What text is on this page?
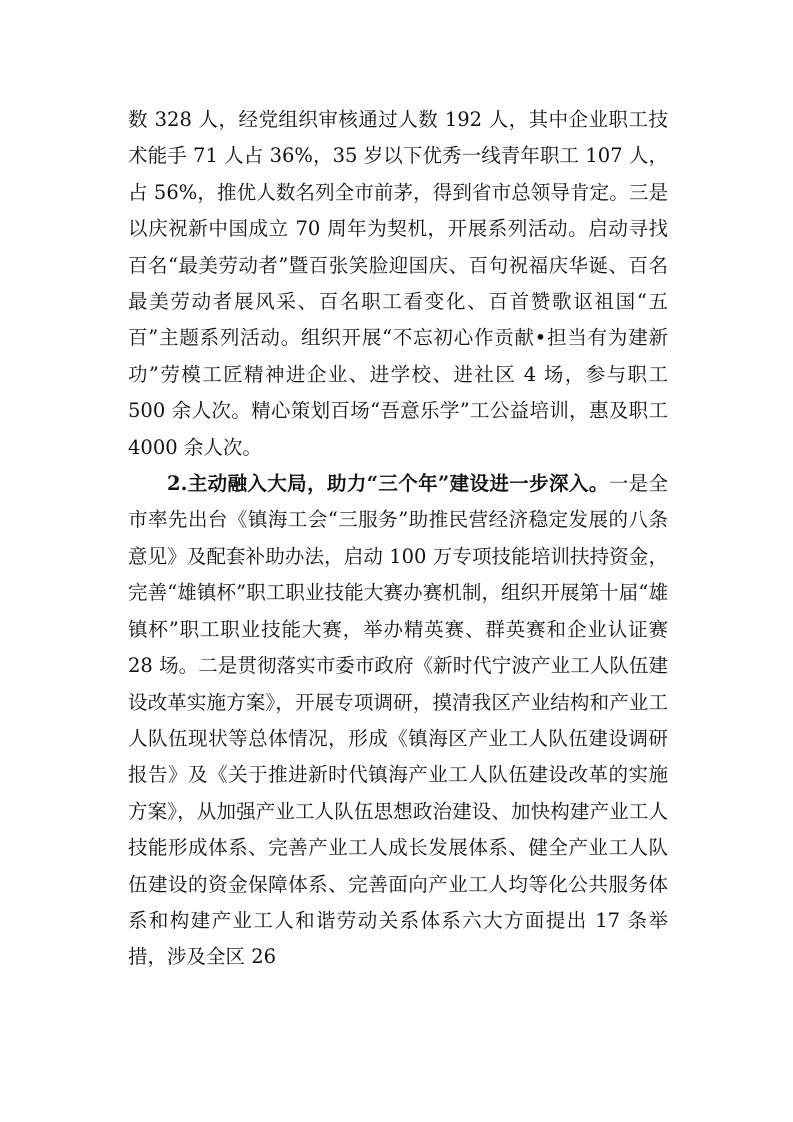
数 328 人，经党组织审核通过人数 192 人，其中企业职工技术能手 71 人占 36%，35 岁以下优秀一线青年职工 107 人，占 56%，推优人数名列全市前茅，得到省市总领导肯定。三是以庆祝新中国成立 70 周年为契机，开展系列活动。启动寻找百名“最美劳动者”暨百张笑脸迎国庆、百句祝福庆华诞、百名最美劳动者展风采、百名职工看变化、百首赞歌讴祖国“五百”主题系列活动。组织开展“不忘初心作贡献•担当有为建新功”劳模工匠精神进企业、进学校、进社区 4 场，参与职工 500 余人次。精心策划百场“吾意乐学”工公益培训，惠及职工 4000 余人次。

2.主动融入大局，助力“三个年”建设进一步深入。一是全市率先出台《镇海工会“三服务”助推民营经济稳定发展的八条意见》及配套补助办法，启动 100 万专项技能培训扶持资金，完善“雄镇杯”职工职业技能大赛办赛机制，组织开展第十届“雄镇杯”职工职业技能大赛，举办精英赛、群英赛和企业认证赛 28 场。二是贯彻落实市委市政府《新时代宁波产业工人队伍建设改革实施方案》，开展专项调研，摸清我区产业结构和产业工人队伍现状等总体情况，形成《镇海区产业工人队伍建设调研报告》及《关于推进新时代镇海产业工人队伍建设改革的实施方案》，从加强产业工人队伍思想政治建设、加快构建产业工人技能形成体系、完善产业工人成长发展体系、健全产业工人队伍建设的资金保障体系、完善面向产业工人均等化公共服务体系和构建产业工人和谐劳动关系体系六大方面提出 17 条举措，涉及全区 26
